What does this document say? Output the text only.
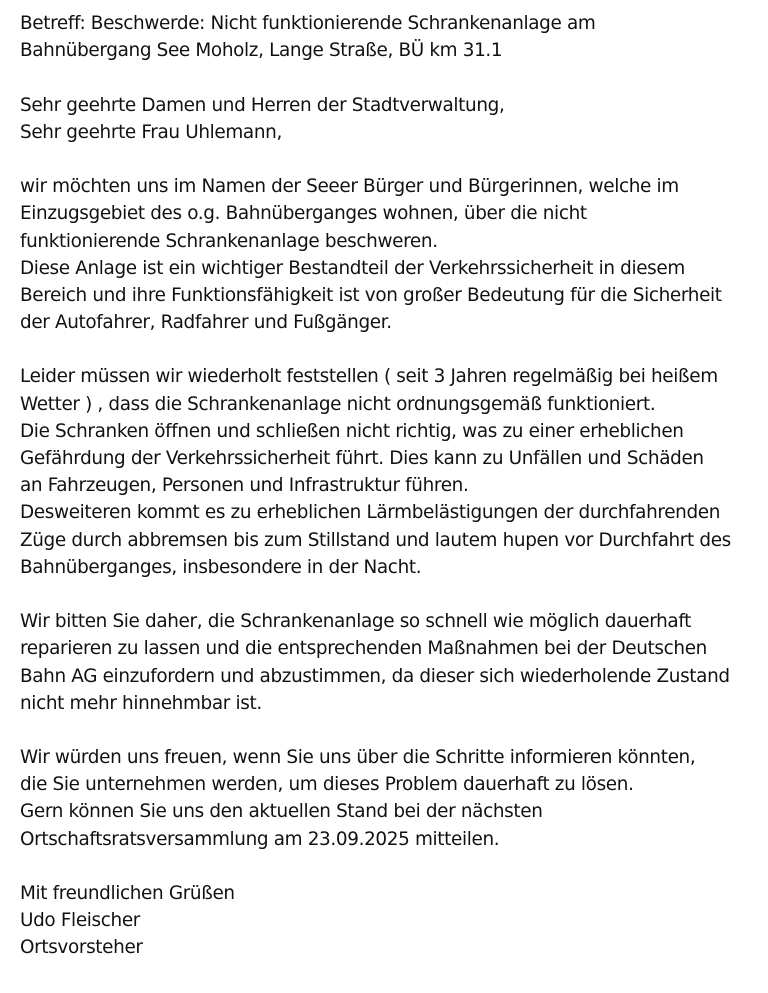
Betreff: Beschwerde: Nicht funktionierende Schrankenanlage am
Bahnübergang See Moholz, Lange Straße, BÜ km 31.1
Sehr geehrte Damen und Herren der Stadtverwaltung,
Sehr geehrte Frau Uhlemann,
wir möchten uns im Namen der Seeer Bürger und Bürgerinnen, welche im
Einzugsgebiet des o.g. Bahnüberganges wohnen, über die nicht
funktionierende Schrankenanlage beschweren.
Diese Anlage ist ein wichtiger Bestandteil der Verkehrssicherheit in diesem
Bereich und ihre Funktionsfähigkeit ist von großer Bedeutung für die Sicherheit
der Autofahrer, Radfahrer und Fußgänger.
Leider müssen wir wiederholt feststellen ( seit 3 Jahren regelmäßig bei heißem
Wetter ) , dass die Schrankenanlage nicht ordnungsgemäß funktioniert.
Die Schranken öffnen und schließen nicht richtig, was zu einer erheblichen
Gefährdung der Verkehrssicherheit führt. Dies kann zu Unfällen und Schäden
an Fahrzeugen, Personen und Infrastruktur führen.
Desweiteren kommt es zu erheblichen Lärmbelästigungen der durchfahrenden
Züge durch abbremsen bis zum Stillstand und lautem hupen vor Durchfahrt des
Bahnüberganges, insbesondere in der Nacht.
Wir bitten Sie daher, die Schrankenanlage so schnell wie möglich dauerhaft
reparieren zu lassen und die entsprechenden Maßnahmen bei der Deutschen
Bahn AG einzufordern und abzustimmen, da dieser sich wiederholende Zustand
nicht mehr hinnehmbar ist.
Wir würden uns freuen, wenn Sie uns über die Schritte informieren könnten,
die Sie unternehmen werden, um dieses Problem dauerhaft zu lösen.
Gern können Sie uns den aktuellen Stand bei der nächsten
Ortschaftsratsversammlung am 23.09.2025 mitteilen.
Mit freundlichen Grüßen
Udo Fleischer
Ortsvorsteher
